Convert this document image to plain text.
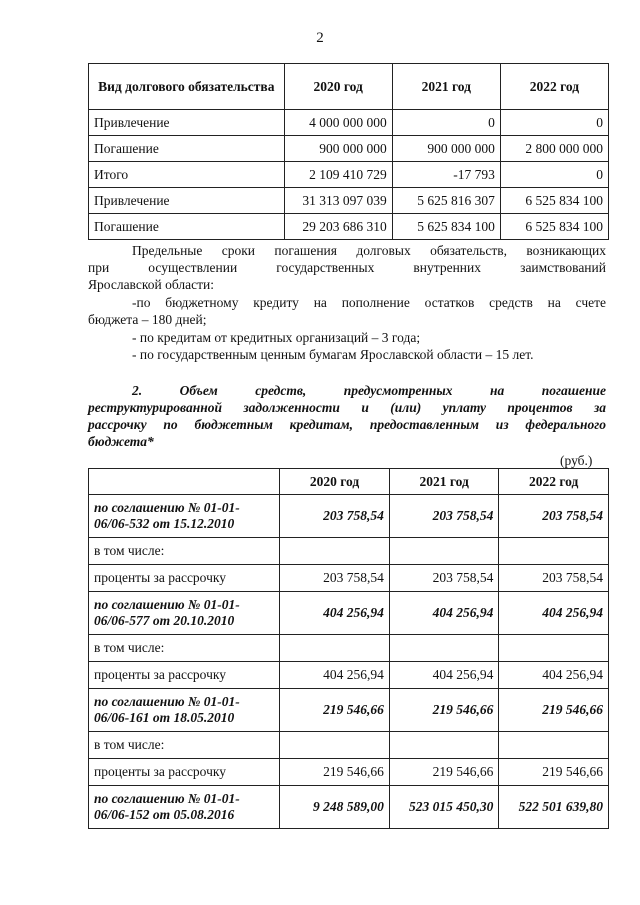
2
Вид долгового обязательства	2020 год	2021 год	2022 год
Привлечение	4 000 000 000	0	0
Погашение	900 000 000	900 000 000	2 800 000 000
Итого	2 109 410 729	-17 793	0
Привлечение	31 313 097 039	5 625 816 307	6 525 834 100
Погашение	29 203 686 310	5 625 834 100	6 525 834 100
Предельные сроки погашения долговых обязательств, возникающих
при осуществлении государственных внутренних заимствований
Ярославской области:
-по бюджетному кредиту на пополнение остатков средств на счете
бюджета – 180 дней;
- по кредитам от кредитных организаций – 3 года;
- по государственным ценным бумагам Ярославской области – 15 лет.
2. Объем средств, предусмотренных на погашение
реструктурированной задолженности и (или) уплату процентов за
рассрочку по бюджетным кредитам, предоставленным из федерального
бюджета*
(руб.)
	2020 год	2021 год	2022 год
по соглашению № 01-01-06/06-532 от 15.12.2010	203 758,54	203 758,54	203 758,54
в том числе:			
проценты за рассрочку	203 758,54	203 758,54	203 758,54
по соглашению № 01-01-06/06-577 от 20.10.2010	404 256,94	404 256,94	404 256,94
в том числе:			
проценты за рассрочку	404 256,94	404 256,94	404 256,94
по соглашению № 01-01-06/06-161 от 18.05.2010	219 546,66	219 546,66	219 546,66
в том числе:			
проценты за рассрочку	219 546,66	219 546,66	219 546,66
по соглашению № 01-01-06/06-152 от 05.08.2016	9 248 589,00	523 015 450,30	522 501 639,80
